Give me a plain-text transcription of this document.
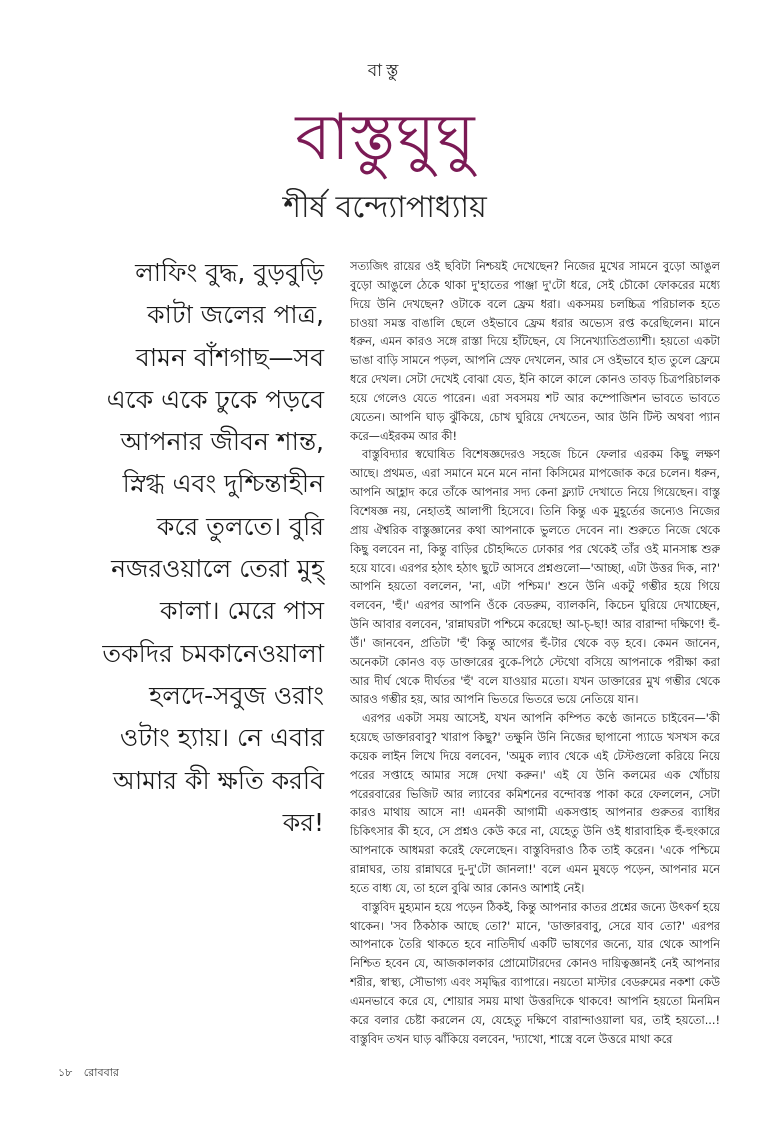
বাস্তু
বাস্তুঘুঘু
শীর্ষ বন্দ্যোপাধ্যায়

লাফিং বুদ্ধ, বুড়বুড়ি কাটা জলের পাত্র, বামন বাঁশগাছ—সব একে একে ঢুকে পড়বে আপনার জীবন শান্ত, স্নিগ্ধ এবং দুশ্চিন্তাহীন করে তুলতে। বুরি নজরওয়ালে তেরা মুহ্ কালা। মেরে পাস তকদির চমকানেওয়ালা হলদে-সবুজ ওরাং ওটাং হ্যায়। নে এবার আমার কী ক্ষতি করবি কর!

সত্যজিৎ রায়ের ওই ছবিটা নিশ্চয়ই দেখেছেন? নিজের মুখের সামনে বুড়ো আঙুল বুড়ো আঙুলে ঠেকে থাকা দু'হাতের পাঞ্জা দু'টো ধরে, সেই চৌকো ফোকরের মধ্যে দিয়ে উনি দেখছেন? ওটাকে বলে ফ্রেম ধরা। একসময় চলচ্চিত্র পরিচালক হতে চাওয়া সমস্ত বাঙালি ছেলে ওইভাবে ফ্রেম ধরার অভ্যেস রপ্ত করেছিলেন। মানে ধরুন, এমন কারও সঙ্গে রাস্তা দিয়ে হাঁটছেন, যে সিনেখ্যাতিপ্রত্যাশী। হয়তো একটা ভাঙা বাড়ি সামনে পড়ল, আপনি স্রেফ দেখলেন, আর সে ওইভাবে হাত তুলে ফ্রেমে ধরে দেখল। সেটা দেখেই বোঝা যেত, ইনি কালে কালে কোনও তাবড় চিত্রপরিচালক হয়ে গেলেও যেতে পারেন। এরা সবসময় শট আর কম্পোজিশন ভাবতে ভাবতে যেতেন। আপনি ঘাড় ঝুঁকিয়ে, চোখ ঘুরিয়ে দেখতেন, আর উনি টিল্ট অথবা প্যান করে—এইরকম আর কী!

বাস্তুবিদ্যার স্বঘোষিত বিশেষজ্ঞদেরও সহজে চিনে ফেলার এরকম কিছু লক্ষণ আছে। প্রথমত, এরা সমানে মনে মনে নানা কিসিমের মাপজোক করে চলেন। ধরুন, আপনি আহ্লাদ করে তাঁকে আপনার সদ্য কেনা ফ্ল্যাট দেখাতে নিয়ে গিয়েছেন। বাস্তু বিশেষজ্ঞ নয়, নেহাতই আলাপী হিসেবে। তিনি কিন্তু এক মুহূর্তের জন্যেও নিজের প্রায় ঐশ্বরিক বাস্তুজ্ঞানের কথা আপনাকে ভুলতে দেবেন না। শুরুতে নিজে থেকে কিছু বলবেন না, কিন্তু বাড়ির চৌহদ্দিতে ঢোকার পর থেকেই তাঁর ওই মানসাঙ্ক শুরু হয়ে যাবে। এরপর হঠাৎ হঠাৎ ছুটে আসবে প্রশ্নগুলো—'আচ্ছা, এটা উত্তর দিক, না?' আপনি হয়তো বললেন, 'না, এটা পশ্চিম।' শুনে উনি একটু গম্ভীর হয়ে গিয়ে বলবেন, 'হুঁ।' এরপর আপনি ওঁকে বেডরুম, ব্যালকনি, কিচেন ঘুরিয়ে দেখাচ্ছেন, উনি আবার বলবেন, 'রান্নাঘরটা পশ্চিমে করেছে! আ-চ্-ছা! আর বারান্দা দক্ষিণে! হুঁ-উঁ।' জানবেন, প্রতিটা 'হুঁ' কিন্তু আগের হুঁ-টার থেকে বড় হবে। কেমন জানেন, অনেকটা কোনও বড় ডাক্তারের বুকে-পিঠে স্টেথো বসিয়ে আপনাকে পরীক্ষা করা আর দীর্ঘ থেকে দীর্ঘতর 'হুঁ' বলে যাওয়ার মতো। যখন ডাক্তারের মুখ গম্ভীর থেকে আরও গম্ভীর হয়, আর আপনি ভিতরে ভিতরে ভয়ে নেতিয়ে যান।

এরপর একটা সময় আসেই, যখন আপনি কম্পিত কণ্ঠে জানতে চাইবেন—'কী হয়েছে ডাক্তারবাবু? খারাপ কিছু?' তক্ষুনি উনি নিজের ছাপানো প্যাডে খসখস করে কয়েক লাইন লিখে দিয়ে বলবেন, 'অমুক ল্যাব থেকে এই টেস্টগুলো করিয়ে নিয়ে পরের সপ্তাহে আমার সঙ্গে দেখা করুন।' এই যে উনি কলমের এক খোঁচায় পরেরবারের ভিজিট আর ল্যাবের কমিশনের বন্দোবস্ত পাকা করে ফেললেন, সেটা কারও মাথায় আসে না! এমনকী আগামী একসপ্তাহ আপনার গুরুতর ব্যাধির চিকিৎসার কী হবে, সে প্রশ্নও কেউ করে না, যেহেতু উনি ওই ধারাবাহিক হুঁ-হুংকারে আপনাকে আধমরা করেই ফেলেছেন। বাস্তুবিদরাও ঠিক তাই করেন। 'একে পশ্চিমে রান্নাঘর, তায় রান্নাঘরে দু-দু'টো জানলা!' বলে এমন মুষড়ে পড়েন, আপনার মনে হতে বাধ্য যে, তা হলে বুঝি আর কোনও আশাই নেই।

বাস্তুবিদ মুহ্যমান হয়ে পড়েন ঠিকই, কিন্তু আপনার কাতর প্রশ্নের জন্যে উৎকর্ণ হয়ে থাকেন। 'সব ঠিকঠাক আছে তো?' মানে, 'ডাক্তারবাবু, সেরে যাব তো?' এরপর আপনাকে তৈরি থাকতে হবে নাতিদীর্ঘ একটি ভাষণের জন্যে, যার থেকে আপনি নিশ্চিত হবেন যে, আজকালকার প্রোমোটারদের কোনও দায়িত্বজ্ঞানই নেই আপনার শরীর, স্বাস্থ্য, সৌভাগ্য এবং সমৃদ্ধির ব্যাপারে। নয়তো মাস্টার বেডরুমের নকশা কেউ এমনভাবে করে যে, শোয়ার সময় মাথা উত্তরদিকে থাকবে! আপনি হয়তো মিনমিন করে বলার চেষ্টা করলেন যে, যেহেতু দক্ষিণে বারান্দাওয়ালা ঘর, তাই হয়তো...! বাস্তুবিদ তখন ঘাড় ঝাঁকিয়ে বলবেন, 'দ্যাখো, শাস্ত্রে বলে উত্তরে মাথা করে

১৮ রোববার
